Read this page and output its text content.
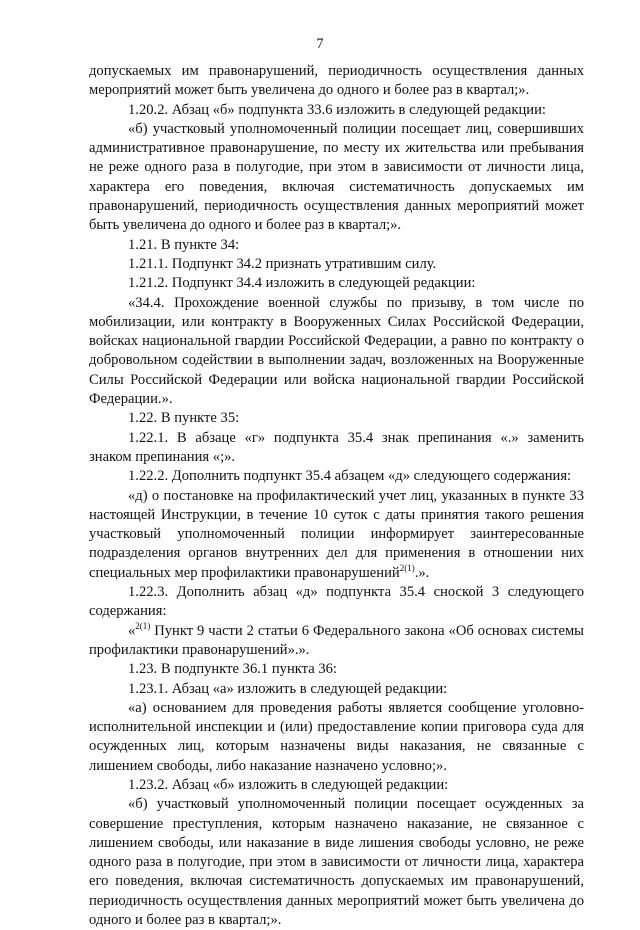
7

допускаемых им правонарушений, периодичность осуществления данных мероприятий может быть увеличена до одного и более раз в квартал;».

1.20.2. Абзац «б» подпункта 33.6 изложить в следующей редакции:

«б) участковый уполномоченный полиции посещает лиц, совершивших административное правонарушение, по месту их жительства или пребывания не реже одного раза в полугодие, при этом в зависимости от личности лица, характера его поведения, включая систематичность допускаемых им правонарушений, периодичность осуществления данных мероприятий может быть увеличена до одного и более раз в квартал;».

1.21. В пункте 34:

1.21.1. Подпункт 34.2 признать утратившим силу.

1.21.2. Подпункт 34.4 изложить в следующей редакции:

«34.4. Прохождение военной службы по призыву, в том числе по мобилизации, или контракту в Вооруженных Силах Российской Федерации, войсках национальной гвардии Российской Федерации, а равно по контракту о добровольном содействии в выполнении задач, возложенных на Вооруженные Силы Российской Федерации или войска национальной гвардии Российской Федерации.».

1.22. В пункте 35:

1.22.1. В абзаце «г» подпункта 35.4 знак препинания «.» заменить знаком препинания «;».

1.22.2. Дополнить подпункт 35.4 абзацем «д» следующего содержания:

«д) о постановке на профилактический учет лиц, указанных в пункте 33 настоящей Инструкции, в течение 10 суток с даты принятия такого решения участковый уполномоченный полиции информирует заинтересованные подразделения органов внутренних дел для применения в отношении них специальных мер профилактики правонарушений$^{2(1)}$.».

1.22.3. Дополнить абзац «д» подпункта 35.4 сноской 3 следующего содержания:

«$^{2(1)}$ Пункт 9 части 2 статьи 6 Федерального закона «Об основах системы профилактики правонарушений».».

1.23. В подпункте 36.1 пункта 36:

1.23.1. Абзац «а» изложить в следующей редакции:

«а) основанием для проведения работы является сообщение уголовно-исполнительной инспекции и (или) предоставление копии приговора суда для осужденных лиц, которым назначены виды наказания, не связанные с лишением свободы, либо наказание назначено условно;».

1.23.2. Абзац «б» изложить в следующей редакции:

«б) участковый уполномоченный полиции посещает осужденных за совершение преступления, которым назначено наказание, не связанное с лишением свободы, или наказание в виде лишения свободы условно, не реже одного раза в полугодие, при этом в зависимости от личности лица, характера его поведения, включая систематичность допускаемых им правонарушений, периодичность осуществления данных мероприятий может быть увеличена до одного и более раз в квартал;».
